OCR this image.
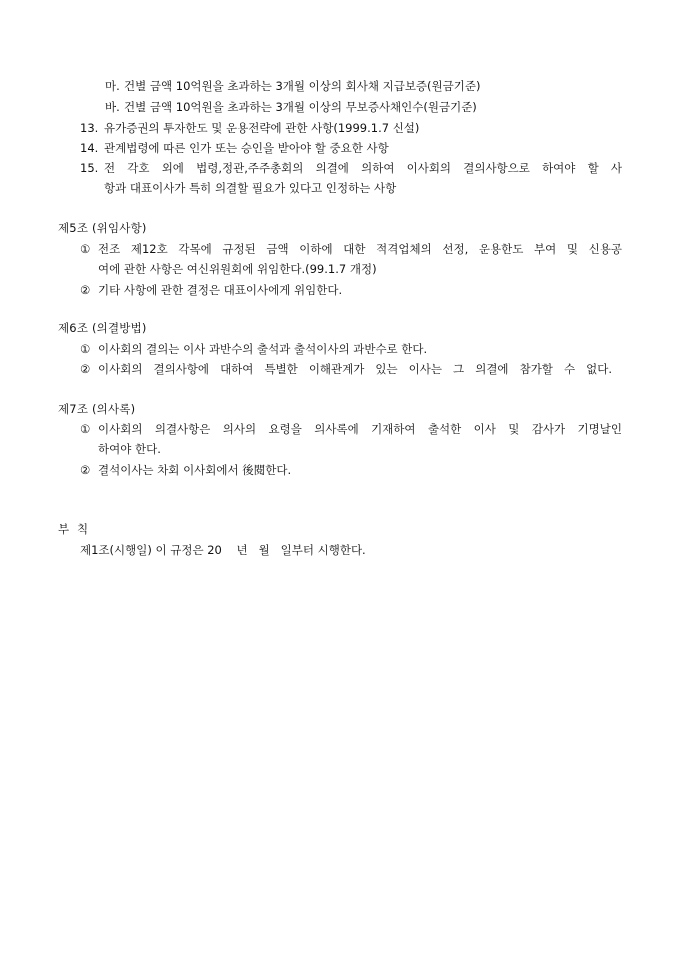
마. 건별 금액 10억원을 초과하는 3개월 이상의 회사채 지급보증(원금기준)
바. 건별 금액 10억원을 초과하는 3개월 이상의 무보증사채인수(원금기준)
13. 유가증권의 투자한도 및 운용전략에 관한 사항(1999.1.7 신설)
14. 관계법령에 따른 인가 또는 승인을 받아야 할 중요한 사항
15. 전 각호 외에 법령,정관,주주총회의 의결에 의하여 이사회의 결의사항으로 하여야 할 사
항과 대표이사가 특히 의결할 필요가 있다고 인정하는 사항
제5조 (위임사항)
① 전조 제12호 각목에 규정된 금액 이하에 대한 적격업체의 선정, 운용한도 부여 및 신용공
여에 관한 사항은 여신위원회에 위임한다.(99.1.7 개정)
② 기타 사항에 관한 결정은 대표이사에게 위임한다.
제6조 (의결방법)
① 이사회의 결의는 이사 과반수의 출석과 출석이사의 과반수로 한다.
② 이사회의 결의사항에 대하여 특별한 이해관계가 있는 이사는 그 의결에 참가할 수 없다.
제7조 (의사록)
① 이사회의 의결사항은 의사의 요령을 의사록에 기재하여 출석한 이사 및 감사가 기명날인
하여야 한다.
② 결석이사는 차회 이사회에서 後閱한다.
부  칙
제1조(시행일) 이 규정은 20    년   월   일부터 시행한다.
